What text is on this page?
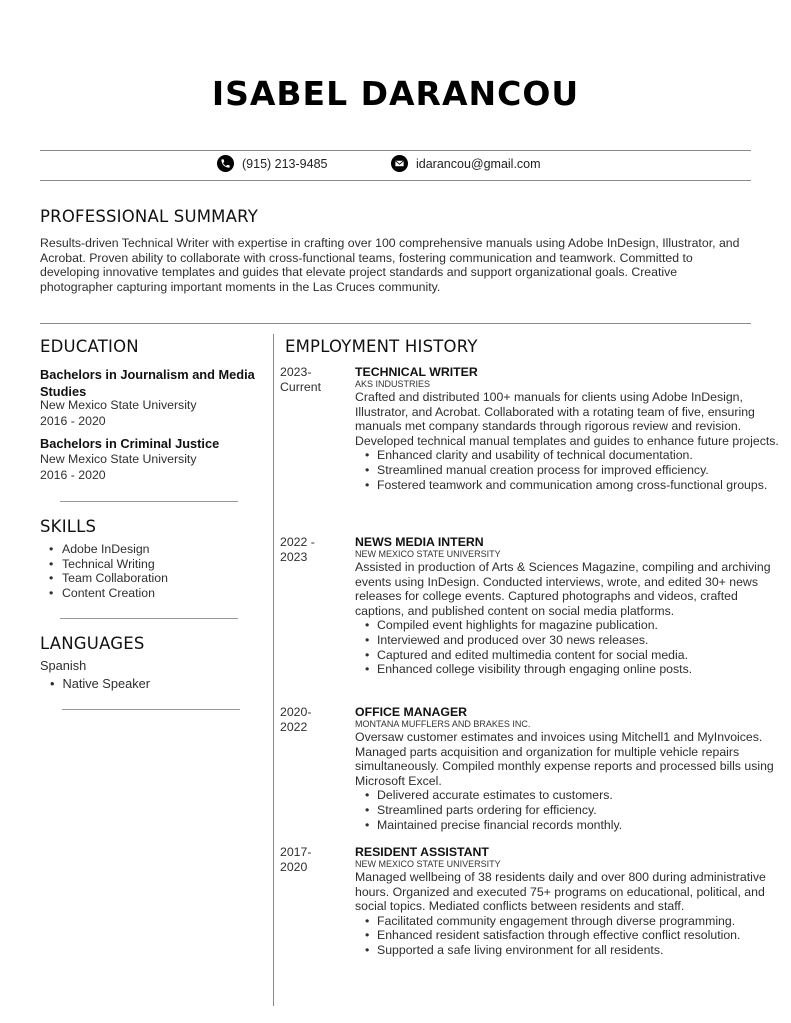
ISABEL DARANCOU
(915) 213-9485	idarancou@gmail.com
PROFESSIONAL SUMMARY
Results-driven Technical Writer with expertise in crafting over 100 comprehensive manuals using Adobe InDesign, Illustrator, and Acrobat. Proven ability to collaborate with cross-functional teams, fostering communication and teamwork. Committed to developing innovative templates and guides that elevate project standards and support organizational goals. Creative photographer capturing important moments in the Las Cruces community.
EDUCATION
Bachelors in Journalism and Media Studies
New Mexico State University
2016 - 2020
Bachelors in Criminal Justice
New Mexico State University
2016 - 2020
SKILLS
• Adobe InDesign
• Technical Writing
• Team Collaboration
• Content Creation
LANGUAGES
Spanish
• Native Speaker
EMPLOYMENT HISTORY
2023-
Current
TECHNICAL WRITER
AKS INDUSTRIES
Crafted and distributed 100+ manuals for clients using Adobe InDesign, Illustrator, and Acrobat. Collaborated with a rotating team of five, ensuring manuals met company standards through rigorous review and revision. Developed technical manual templates and guides to enhance future projects.
• Enhanced clarity and usability of technical documentation.
• Streamlined manual creation process for improved efficiency.
• Fostered teamwork and communication among cross-functional groups.
2022 -
2023
NEWS MEDIA INTERN
NEW MEXICO STATE UNIVERSITY
Assisted in production of Arts & Sciences Magazine, compiling and archiving events using InDesign. Conducted interviews, wrote, and edited 30+ news releases for college events. Captured photographs and videos, crafted captions, and published content on social media platforms.
• Compiled event highlights for magazine publication.
• Interviewed and produced over 30 news releases.
• Captured and edited multimedia content for social media.
• Enhanced college visibility through engaging online posts.
2020-
2022
OFFICE MANAGER
MONTANA MUFFLERS AND BRAKES INC.
Oversaw customer estimates and invoices using Mitchell1 and MyInvoices. Managed parts acquisition and organization for multiple vehicle repairs simultaneously. Compiled monthly expense reports and processed bills using Microsoft Excel.
• Delivered accurate estimates to customers.
• Streamlined parts ordering for efficiency.
• Maintained precise financial records monthly.
2017-
2020
RESIDENT ASSISTANT
NEW MEXICO STATE UNIVERSITY
Managed wellbeing of 38 residents daily and over 800 during administrative hours. Organized and executed 75+ programs on educational, political, and social topics. Mediated conflicts between residents and staff.
• Facilitated community engagement through diverse programming.
• Enhanced resident satisfaction through effective conflict resolution.
• Supported a safe living environment for all residents.
